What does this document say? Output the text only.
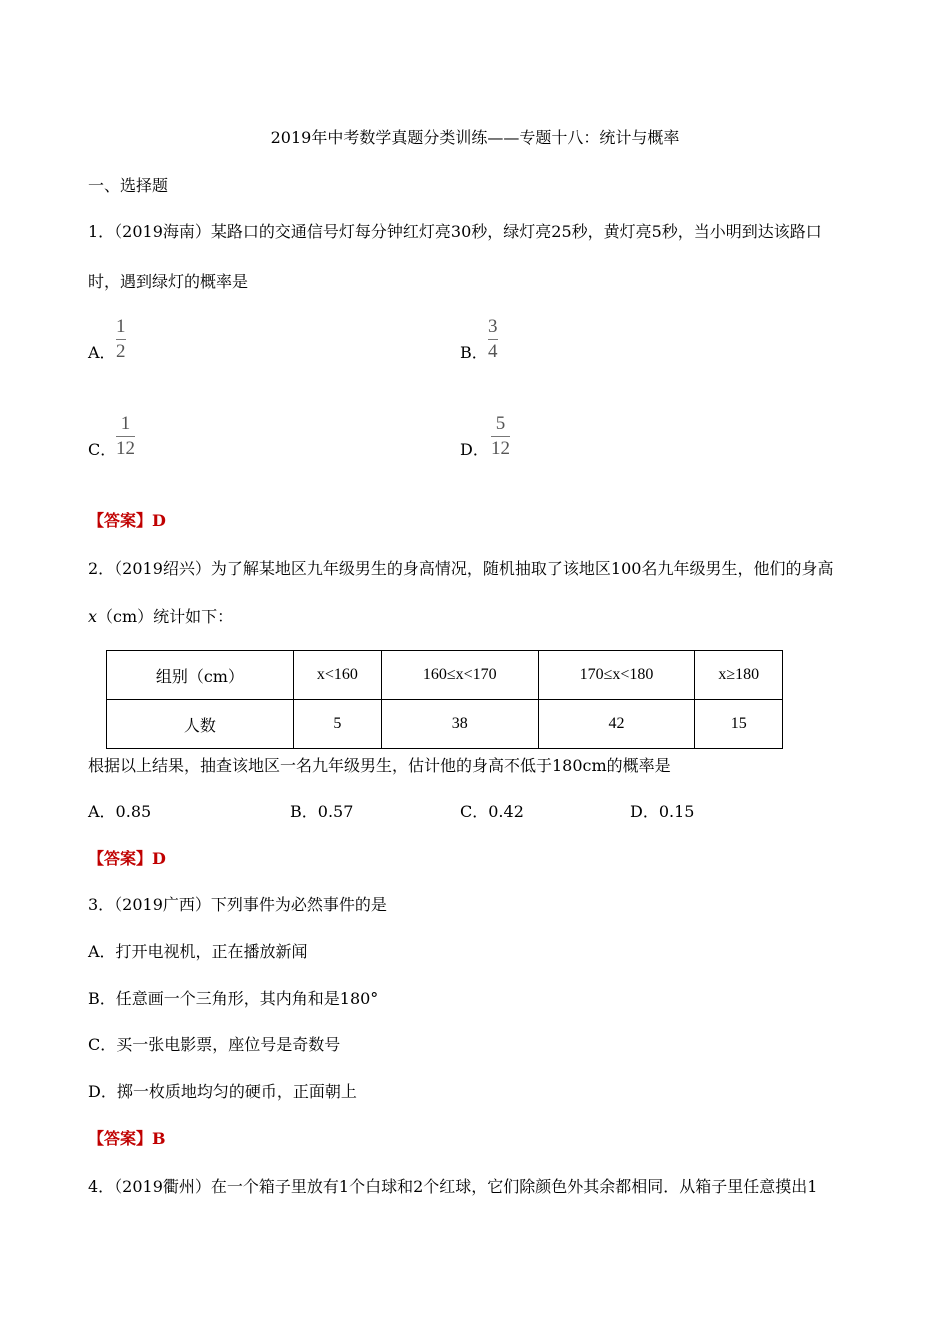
2019年中考数学真题分类训练——专题十八：统计与概率
一、选择题
1．（2019海南）某路口的交通信号灯每分钟红灯亮30秒，绿灯亮25秒，黄灯亮5秒，当小明到达该路口
时，遇到绿灯的概率是
A．
1
2	B．
3
4
C．
1
12	D．
5
12
【答案】D
2．（2019绍兴）为了解某地区九年级男生的身高情况，随机抽取了该地区100名九年级男生，他们的身高
x（cm）统计如下：
组别（cm）	x<160	160≤x<170	170≤x<180	x≥180
人数	5	38	42	15
根据以上结果，抽查该地区一名九年级男生，估计他的身高不低于180cm的概率是
A．0.85	B．0.57	C．0.42	D．0.15
【答案】D
3．（2019广西）下列事件为必然事件的是
A．打开电视机，正在播放新闻
B．任意画一个三角形，其内角和是180°
C．买一张电影票，座位号是奇数号
D．掷一枚质地均匀的硬币，正面朝上
【答案】B
4．（2019衢州）在一个箱子里放有1个白球和2个红球，它们除颜色外其余都相同．从箱子里任意摸出1
